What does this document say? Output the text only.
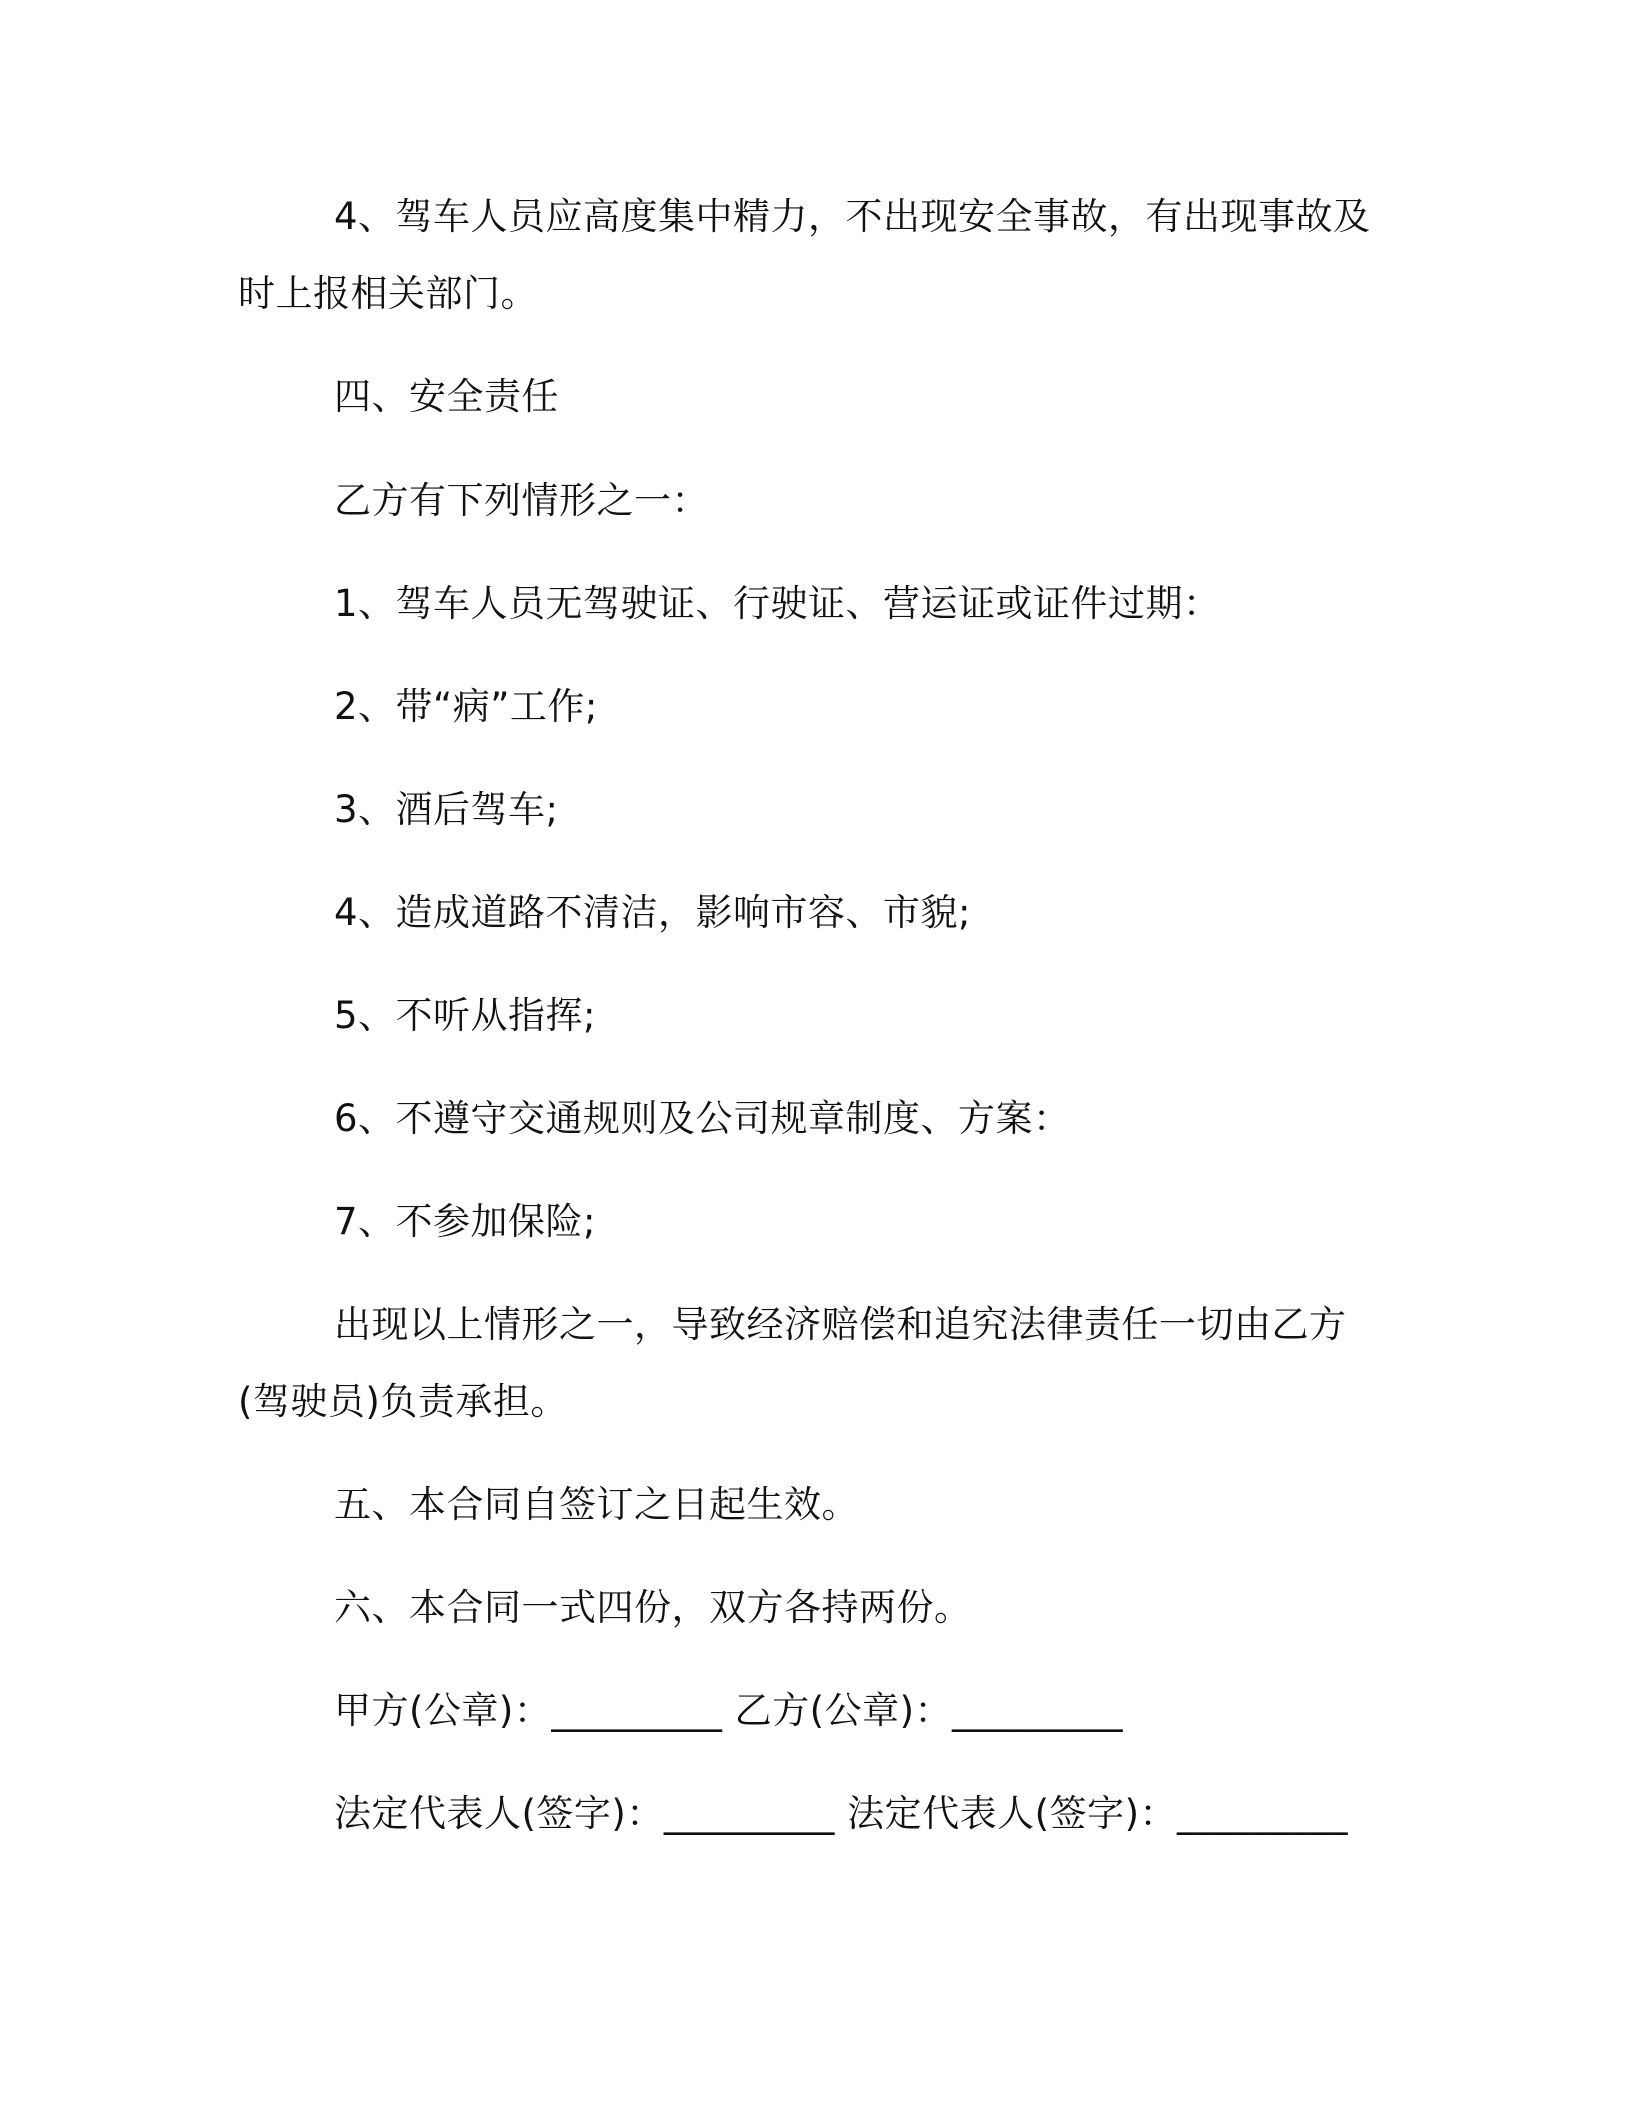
4、驾车人员应高度集中精力，不出现安全事故，有出现事故及
时上报相关部门。
四、安全责任
乙方有下列情形之一：
1、驾车人员无驾驶证、行驶证、营运证或证件过期：
2、带“病”工作;
3、酒后驾车;
4、造成道路不清洁，影响市容、市貌;
5、不听从指挥;
6、不遵守交通规则及公司规章制度、方案：
7、不参加保险;
出现以上情形之一，导致经济赔偿和追究法律责任一切由乙方
(驾驶员)负责承担。
五、本合同自签订之日起生效。
六、本合同一式四份，双方各持两份。
甲方(公章)：_________ 乙方(公章)：_________
法定代表人(签字)：_________ 法定代表人(签字)：_________
